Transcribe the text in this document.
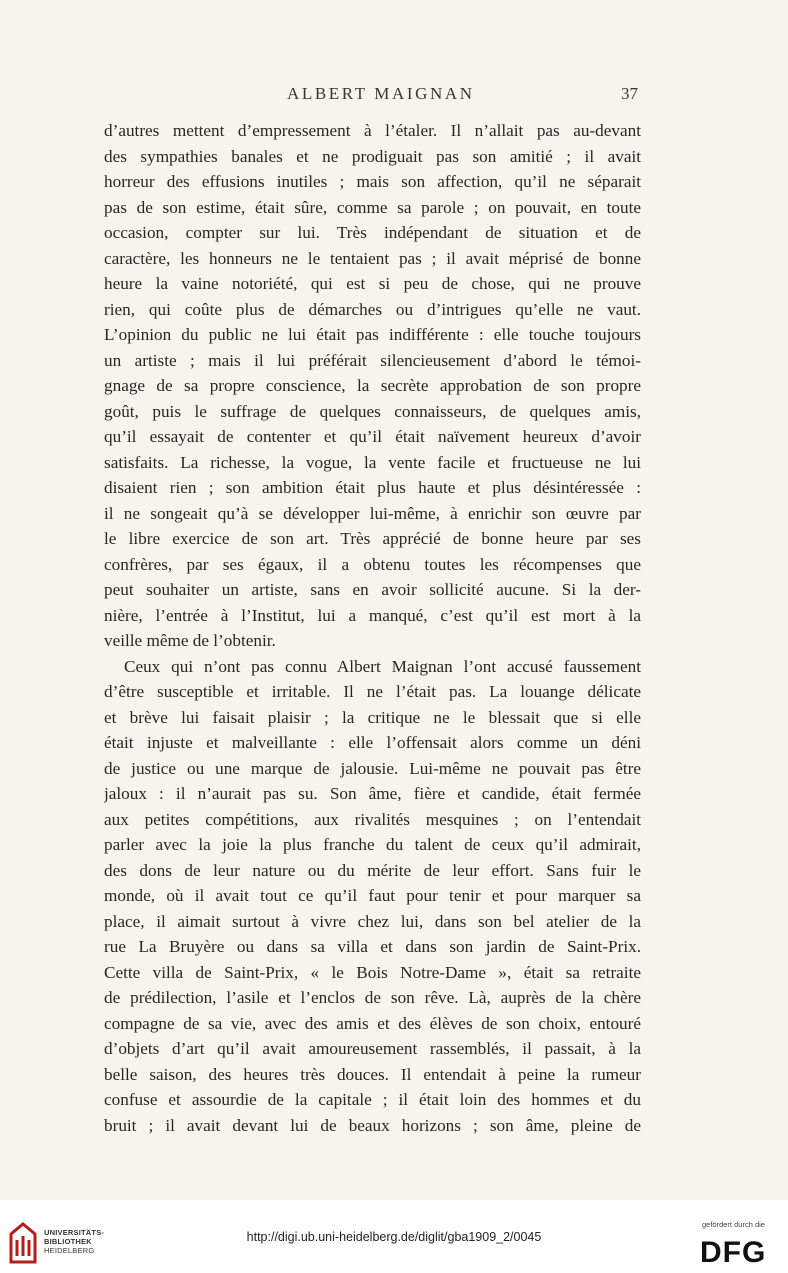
ALBERT MAIGNAN	37
d’autres mettent d’empressement à l’étaler. Il n’allait pas au-devant
des sympathies banales et ne prodiguait pas son amitié ; il avait
horreur des effusions inutiles ; mais son affection, qu’il ne séparait
pas de son estime, était sûre, comme sa parole ; on pouvait, en toute
occasion, compter sur lui. Très indépendant de situation et de
caractère, les honneurs ne le tentaient pas ; il avait méprisé de bonne
heure la vaine notoriété, qui est si peu de chose, qui ne prouve
rien, qui coûte plus de démarches ou d’intrigues qu’elle ne vaut.
L’opinion du public ne lui était pas indifférente : elle touche toujours
un artiste ; mais il lui préférait silencieusement d’abord le témoi-
gnage de sa propre conscience, la secrète approbation de son propre
goût, puis le suffrage de quelques connaisseurs, de quelques amis,
qu’il essayait de contenter et qu’il était naïvement heureux d’avoir
satisfaits. La richesse, la vogue, la vente facile et fructueuse ne lui
disaient rien ; son ambition était plus haute et plus désintéressée :
il ne songeait qu’à se développer lui-même, à enrichir son œuvre par
le libre exercice de son art. Très apprécié de bonne heure par ses
confrères, par ses égaux, il a obtenu toutes les récompenses que
peut souhaiter un artiste, sans en avoir sollicité aucune. Si la der-
nière, l’entrée à l’Institut, lui a manqué, c’est qu’il est mort à la
veille même de l’obtenir.
Ceux qui n’ont pas connu Albert Maignan l’ont accusé faussement
d’être susceptible et irritable. Il ne l’était pas. La louange délicate
et brève lui faisait plaisir ; la critique ne le blessait que si elle
était injuste et malveillante : elle l’offensait alors comme un déni
de justice ou une marque de jalousie. Lui-même ne pouvait pas être
jaloux : il n’aurait pas su. Son âme, fière et candide, était fermée
aux petites compétitions, aux rivalités mesquines ; on l’entendait
parler avec la joie la plus franche du talent de ceux qu’il admirait,
des dons de leur nature ou du mérite de leur effort. Sans fuir le
monde, où il avait tout ce qu’il faut pour tenir et pour marquer sa
place, il aimait surtout à vivre chez lui, dans son bel atelier de la
rue La Bruyère ou dans sa villa et dans son jardin de Saint-Prix.
Cette villa de Saint-Prix, « le Bois Notre-Dame », était sa retraite
de prédilection, l’asile et l’enclos de son rêve. Là, auprès de la chère
compagne de sa vie, avec des amis et des élèves de son choix, entouré
d’objets d’art qu’il avait amoureusement rassemblés, il passait, à la
belle saison, des heures très douces. Il entendait à peine la rumeur
confuse et assourdie de la capitale ; il était loin des hommes et du
bruit ; il avait devant lui de beaux horizons ; son âme, pleine de
UNIVERSITÄTS-
BIBLIOTHEK
HEIDELBERG
http://digi.ub.uni-heidelberg.de/diglit/gba1909_2/0045
gefördert durch die
DFG
